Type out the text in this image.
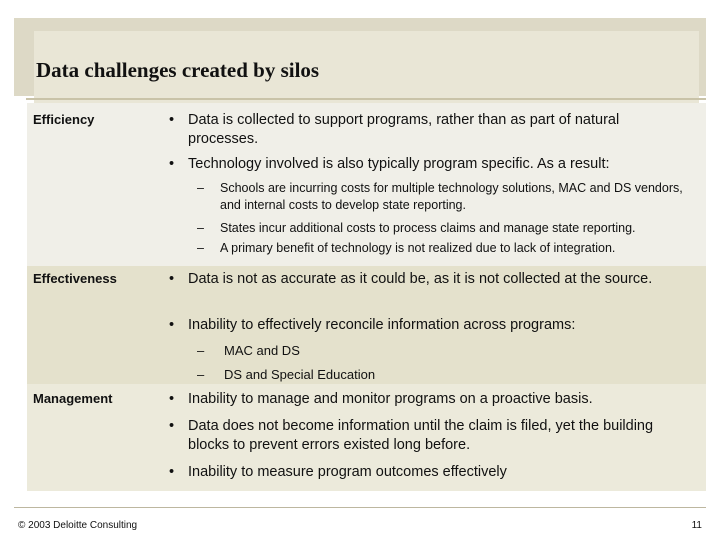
Data challenges created by silos
Efficiency	• Data is collected to support programs, rather than as part of natural processes.
• Technology involved is also typically program specific. As a result:
– Schools are incurring costs for multiple technology solutions, MAC and DS vendors, and internal costs to develop state reporting.
– States incur additional costs to process claims and manage state reporting.
– A primary benefit of technology is not realized due to lack of integration.
Effectiveness	• Data is not as accurate as it could be, as it is not collected at the source.
• Inability to effectively reconcile information across programs:
– MAC and DS
– DS and Special Education
Management	• Inability to manage and monitor programs on a proactive basis.
• Data does not become information until the claim is filed, yet the building blocks to prevent errors existed long before.
• Inability to measure program outcomes effectively
© 2003 Deloitte Consulting	11
